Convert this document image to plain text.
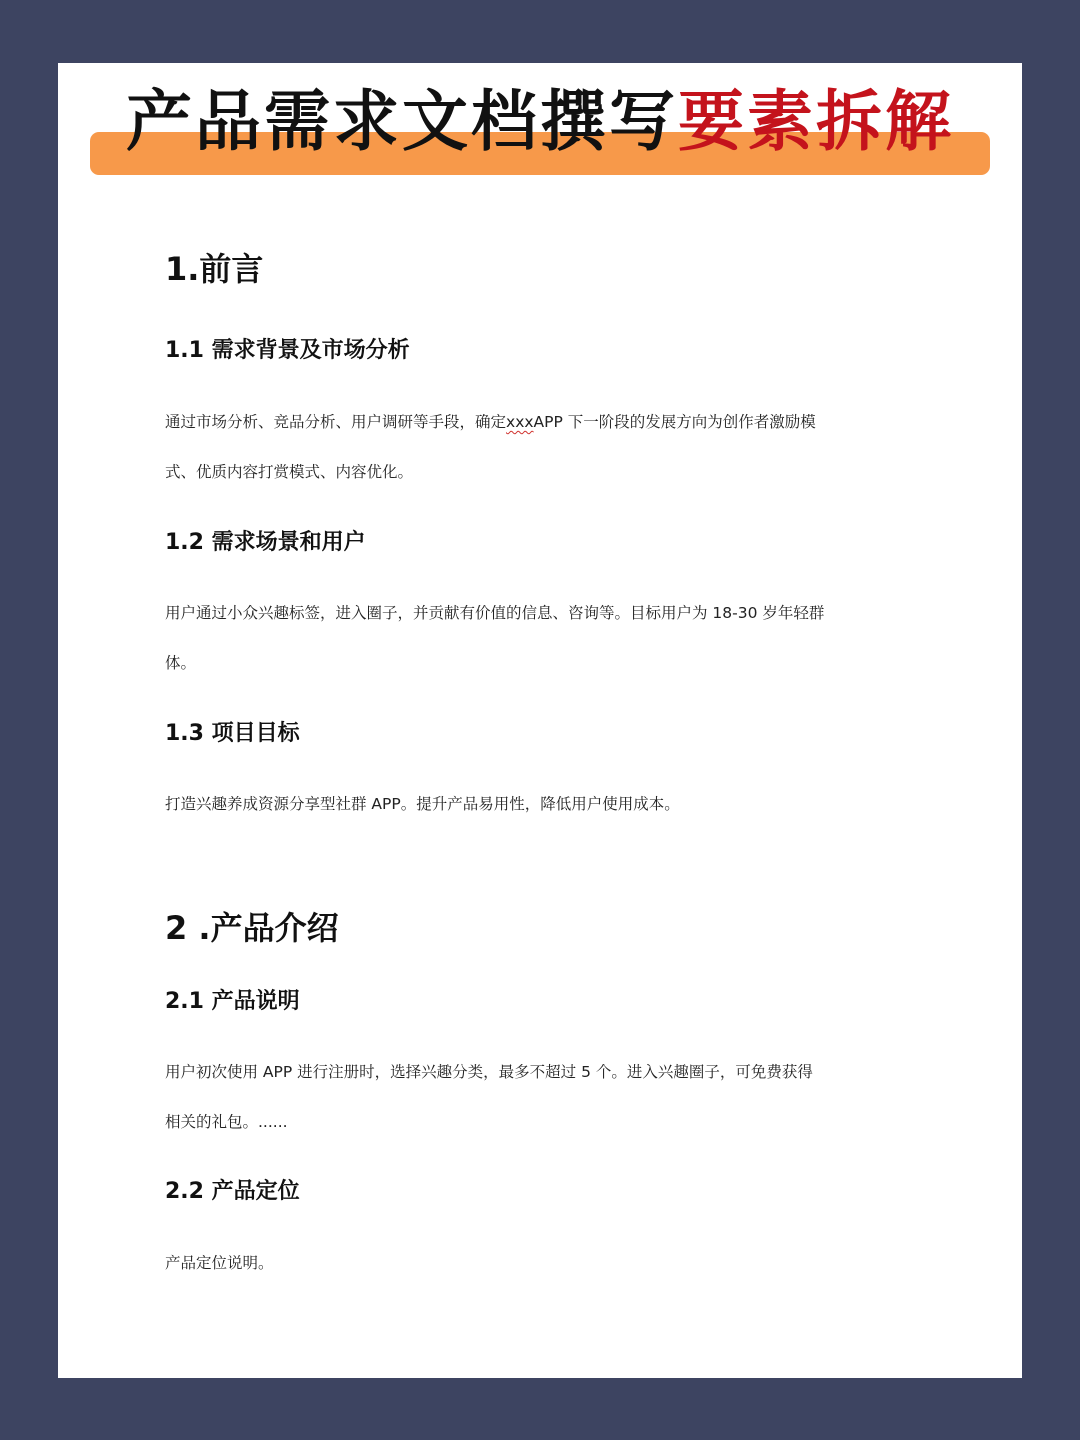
产品需求文档撰写要素拆解
1.前言
1.1 需求背景及市场分析

通过市场分析、竞品分析、用户调研等手段，确定xxxAPP 下一阶段的发展方向为创作者激励模式、优质内容打赏模式、内容优化。

1.2 需求场景和用户

用户通过小众兴趣标签，进入圈子，并贡献有价值的信息、咨询等。目标用户为 18-30 岁年轻群体。

1.3 项目目标

打造兴趣养成资源分享型社群 APP。提升产品易用性，降低用户使用成本。

2 .产品介绍
2.1 产品说明

用户初次使用 APP 进行注册时，选择兴趣分类，最多不超过 5 个。进入兴趣圈子，可免费获得相关的礼包。......

2.2 产品定位

产品定位说明。
